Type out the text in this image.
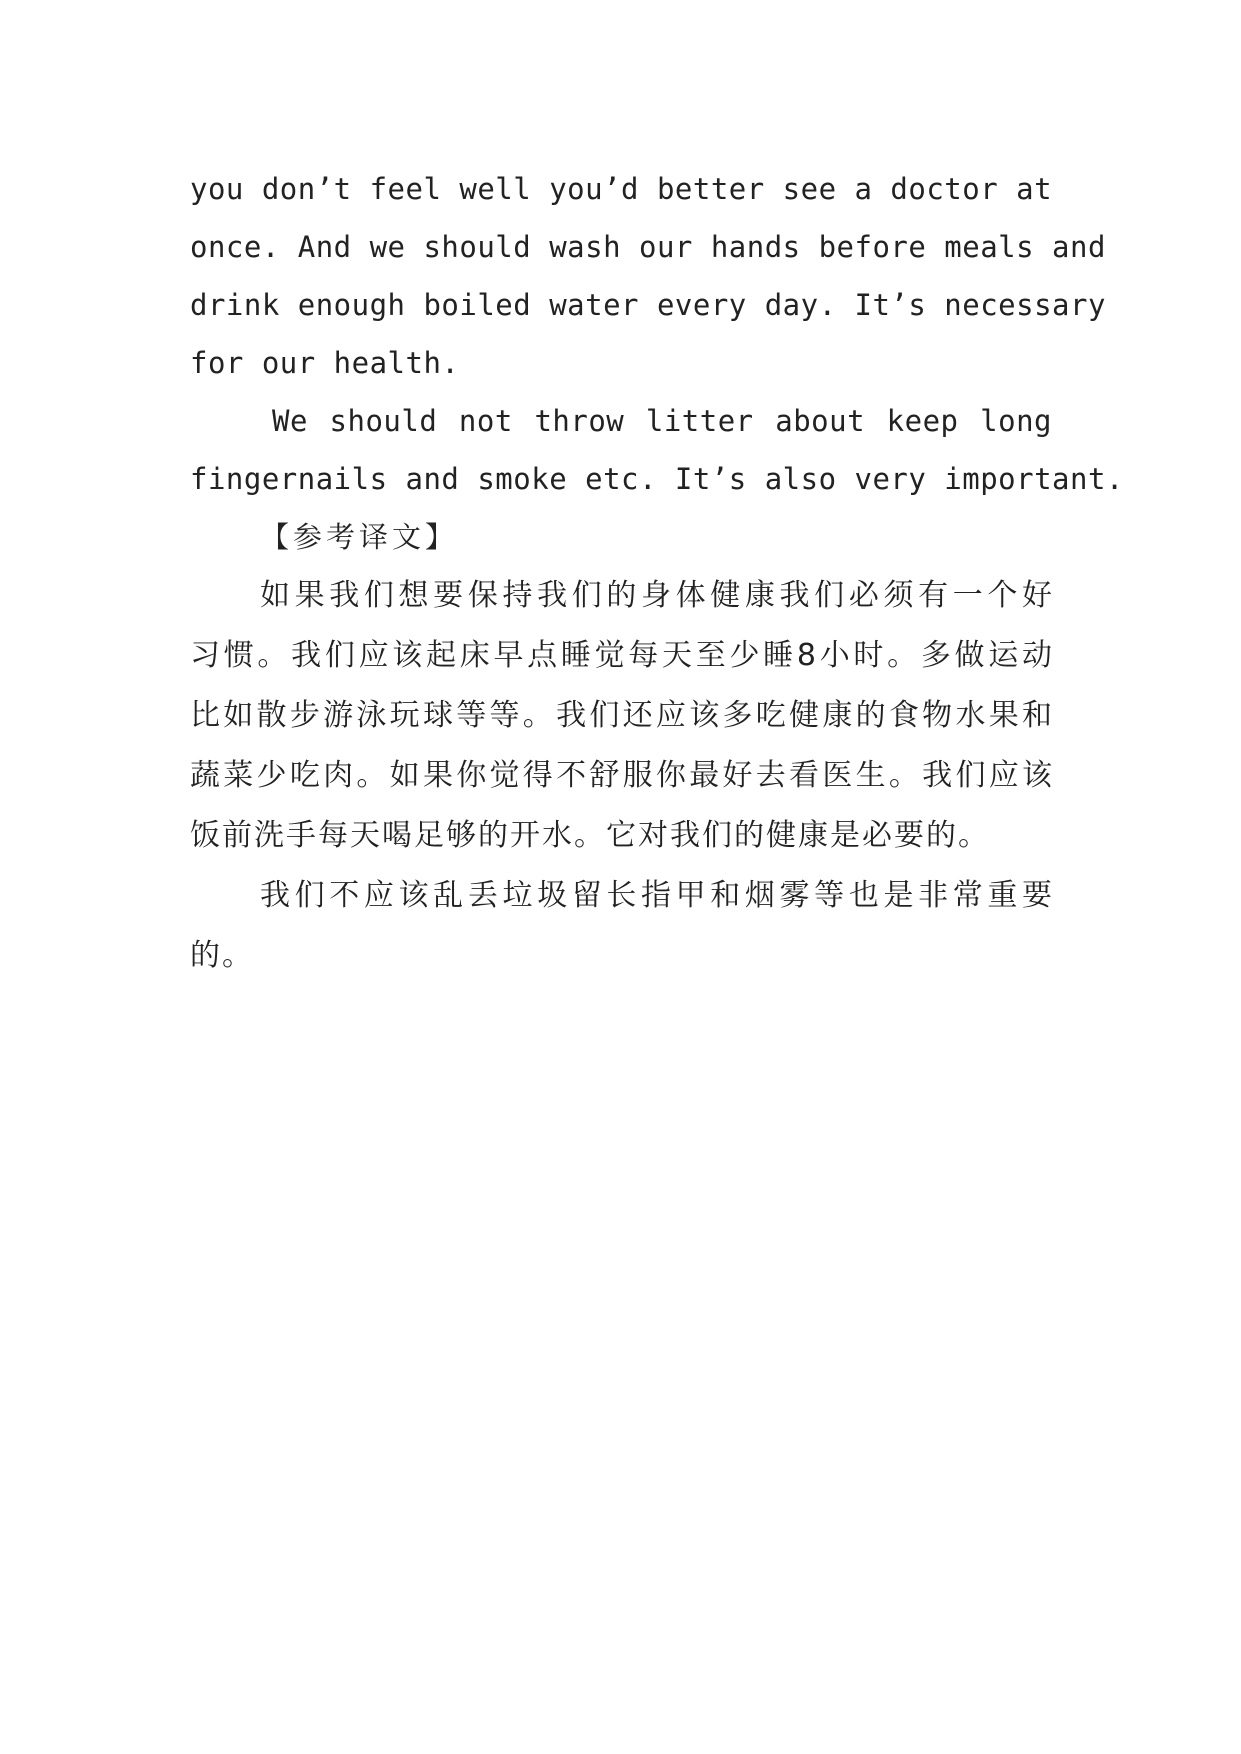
you don’t feel well you’d better see a doctor at
once. And we should wash our hands before meals and
drink enough boiled water every day. It’s necessary
for our health.
We should not throw litter about keep long
fingernails and smoke etc. It’s also very important.
【参考译文】
如果我们想要保持我们的身体健康我们必须有一个好
习惯。我们应该起床早点睡觉每天至少睡8小时。多做运动
比如散步游泳玩球等等。我们还应该多吃健康的食物水果和
蔬菜少吃肉。如果你觉得不舒服你最好去看医生。我们应该
饭前洗手每天喝足够的开水。它对我们的健康是必要的。
我们不应该乱丢垃圾留长指甲和烟雾等也是非常重要
的。
